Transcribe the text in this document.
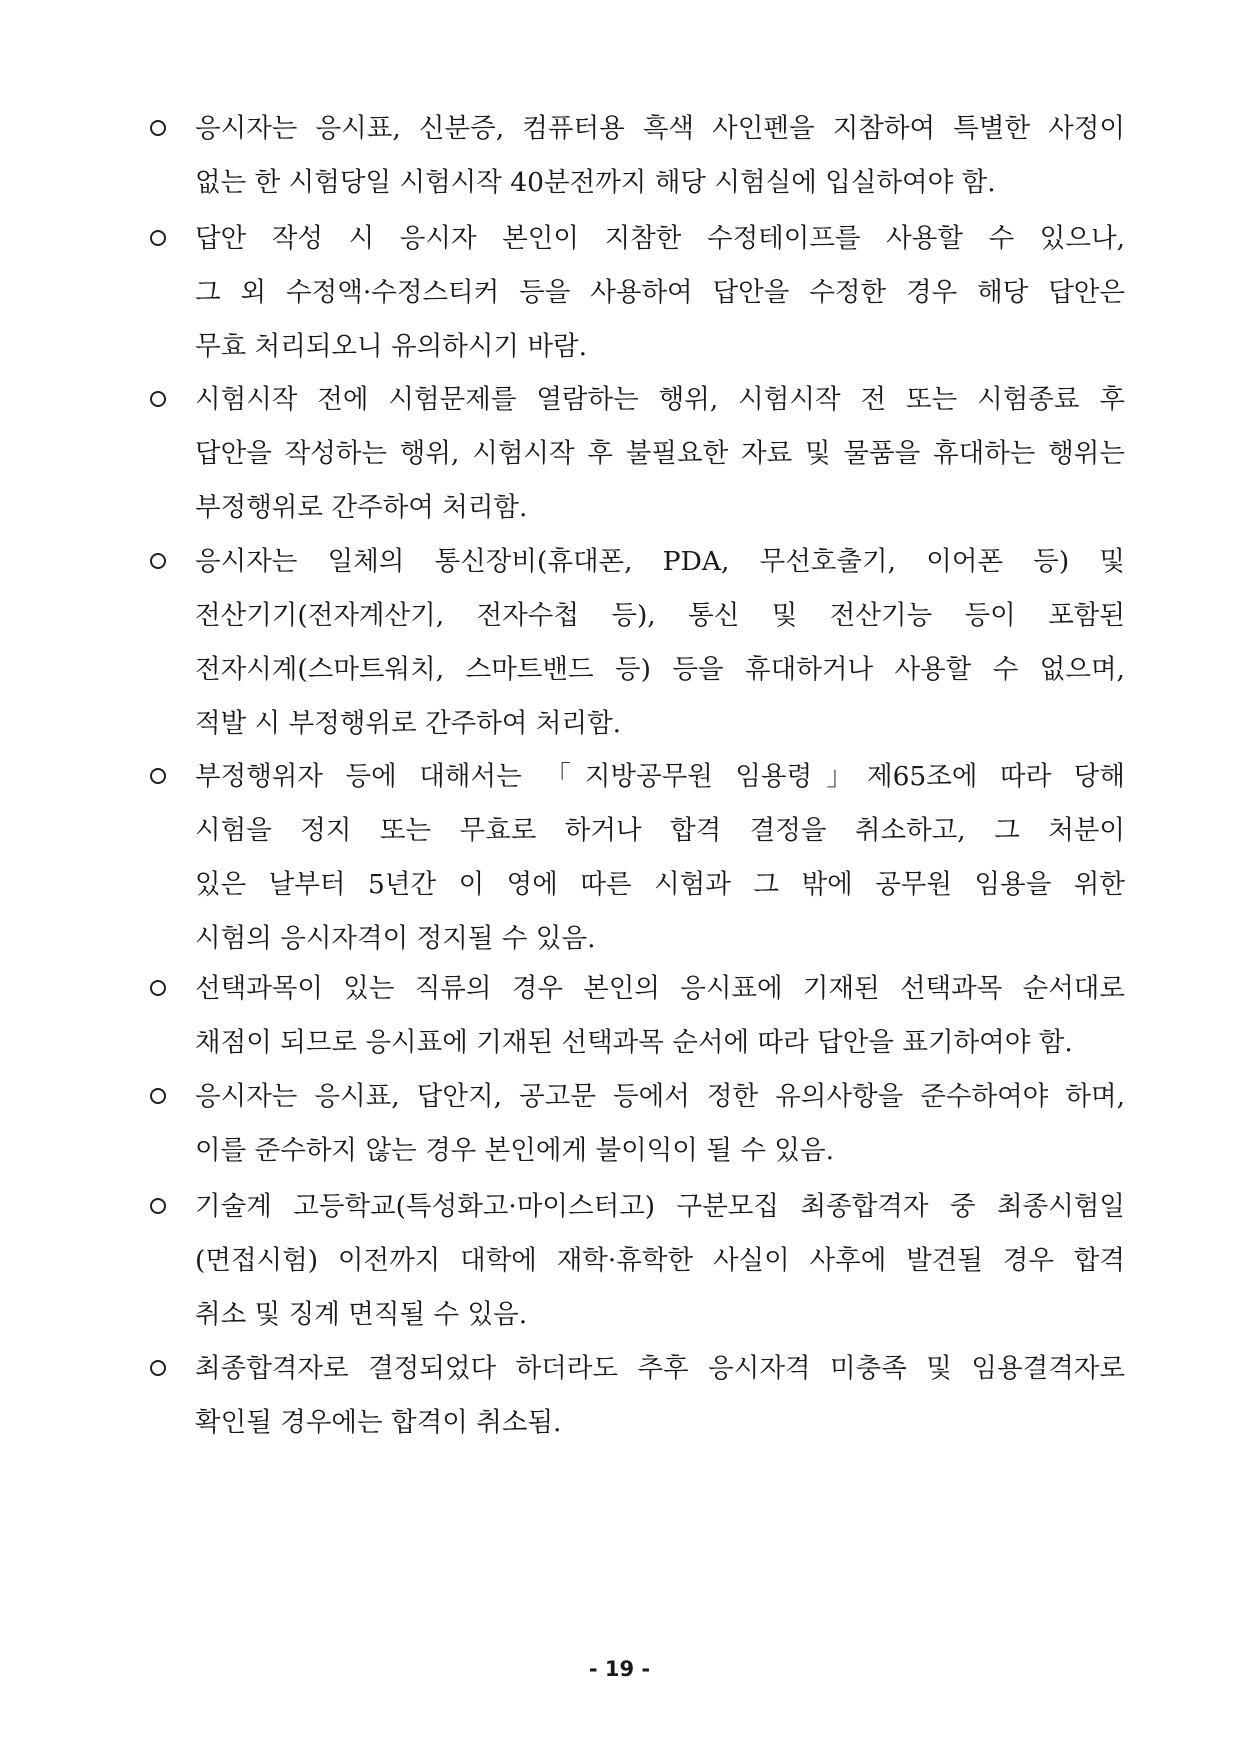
응시자는 응시표, 신분증, 컴퓨터용 흑색 사인펜을 지참하여 특별한 사정이
없는 한 시험당일 시험시작 40분전까지 해당 시험실에 입실하여야 함.
답안 작성 시 응시자 본인이 지참한 수정테이프를 사용할 수 있으나,
그 외 수정액·수정스티커 등을 사용하여 답안을 수정한 경우 해당 답안은
무효 처리되오니 유의하시기 바람.
시험시작 전에 시험문제를 열람하는 행위, 시험시작 전 또는 시험종료 후
답안을 작성하는 행위, 시험시작 후 불필요한 자료 및 물품을 휴대하는 행위는
부정행위로 간주하여 처리함.
응시자는 일체의 통신장비(휴대폰, PDA, 무선호출기, 이어폰 등) 및
전산기기(전자계산기, 전자수첩 등), 통신 및 전산기능 등이 포함된
전자시계(스마트워치, 스마트밴드 등) 등을 휴대하거나 사용할 수 없으며,
적발 시 부정행위로 간주하여 처리함.
부정행위자 등에 대해서는 「지방공무원 임용령」제65조에 따라 당해
시험을 정지 또는 무효로 하거나 합격 결정을 취소하고, 그 처분이
있은 날부터 5년간 이 영에 따른 시험과 그 밖에 공무원 임용을 위한
시험의 응시자격이 정지될 수 있음.
선택과목이 있는 직류의 경우 본인의 응시표에 기재된 선택과목 순서대로
채점이 되므로 응시표에 기재된 선택과목 순서에 따라 답안을 표기하여야 함.
응시자는 응시표, 답안지, 공고문 등에서 정한 유의사항을 준수하여야 하며,
이를 준수하지 않는 경우 본인에게 불이익이 될 수 있음.
기술계 고등학교(특성화고·마이스터고) 구분모집 최종합격자 중 최종시험일
(면접시험) 이전까지 대학에 재학·휴학한 사실이 사후에 발견될 경우 합격
취소 및 징계 면직될 수 있음.
최종합격자로 결정되었다 하더라도 추후 응시자격 미충족 및 임용결격자로
확인될 경우에는 합격이 취소됨.
- 19 -
